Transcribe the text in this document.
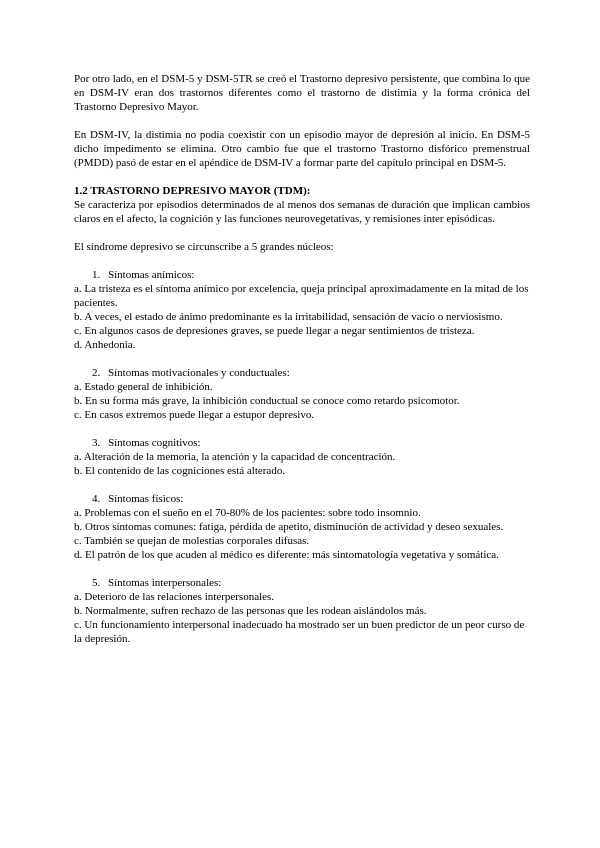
Por otro lado, en el DSM-5 y DSM-5TR se creó el Trastorno depresivo persistente, que combina lo que en DSM-IV eran dos trastornos diferentes como el trastorno de distimia y la forma crónica del Trastorno Depresivo Mayor.

En DSM-IV, la distimia no podía coexistir con un episodio mayor de depresión al inicio. En DSM-5 dicho impedimento se elimina. Otro cambio fue que el trastorno Trastorno disfórico premenstrual (PMDD) pasó de estar en el apéndice de DSM-IV a formar parte del capítulo principal en DSM-5.

1.2 TRASTORNO DEPRESIVO MAYOR (TDM):

Se caracteriza por episodios determinados de al menos dos semanas de duración que implican cambios claros en el afecto, la cognición y las funciones neurovegetativas, y remisiones inter episódicas.

El síndrome depresivo se circunscribe a 5 grandes núcleos:

1. Síntomas anímicos:

a. La tristeza es el síntoma anímico por excelencia, queja principal aproximadamente en la mitad de los pacientes.

b. A veces, el estado de ánimo predominante es la irritabilidad, sensación de vacío o nerviosismo.

c. En algunos casos de depresiones graves, se puede llegar a negar sentimientos de tristeza.

d. Anhedonia.

2. Síntomas motivacionales y conductuales:

a. Estado general de inhibición.

b. En su forma más grave, la inhibición conductual se conoce como retardo psicomotor.

c. En casos extremos puede llegar a estupor depresivo.

3. Síntomas cognitivos:

a. Alteración de la memoria, la atención y la capacidad de concentración.

b. El contenido de las cogniciones está alterado.

4. Síntomas físicos:

a. Problemas con el sueño en el 70-80% de los pacientes: sobre todo insomnio.

b. Otros síntomas comunes: fatiga, pérdida de apetito, disminución de actividad y deseo sexuales.

c. También se quejan de molestias corporales difusas.

d. El patrón de los que acuden al médico es diferente: más sintomatología vegetativa y somática.

5. Síntomas interpersonales:

a. Deterioro de las relaciones interpersonales.

b. Normalmente, sufren rechazo de las personas que les rodean aislándolos más.

c. Un funcionamiento interpersonal inadecuado ha mostrado ser un buen predictor de un peor curso de la depresión.
